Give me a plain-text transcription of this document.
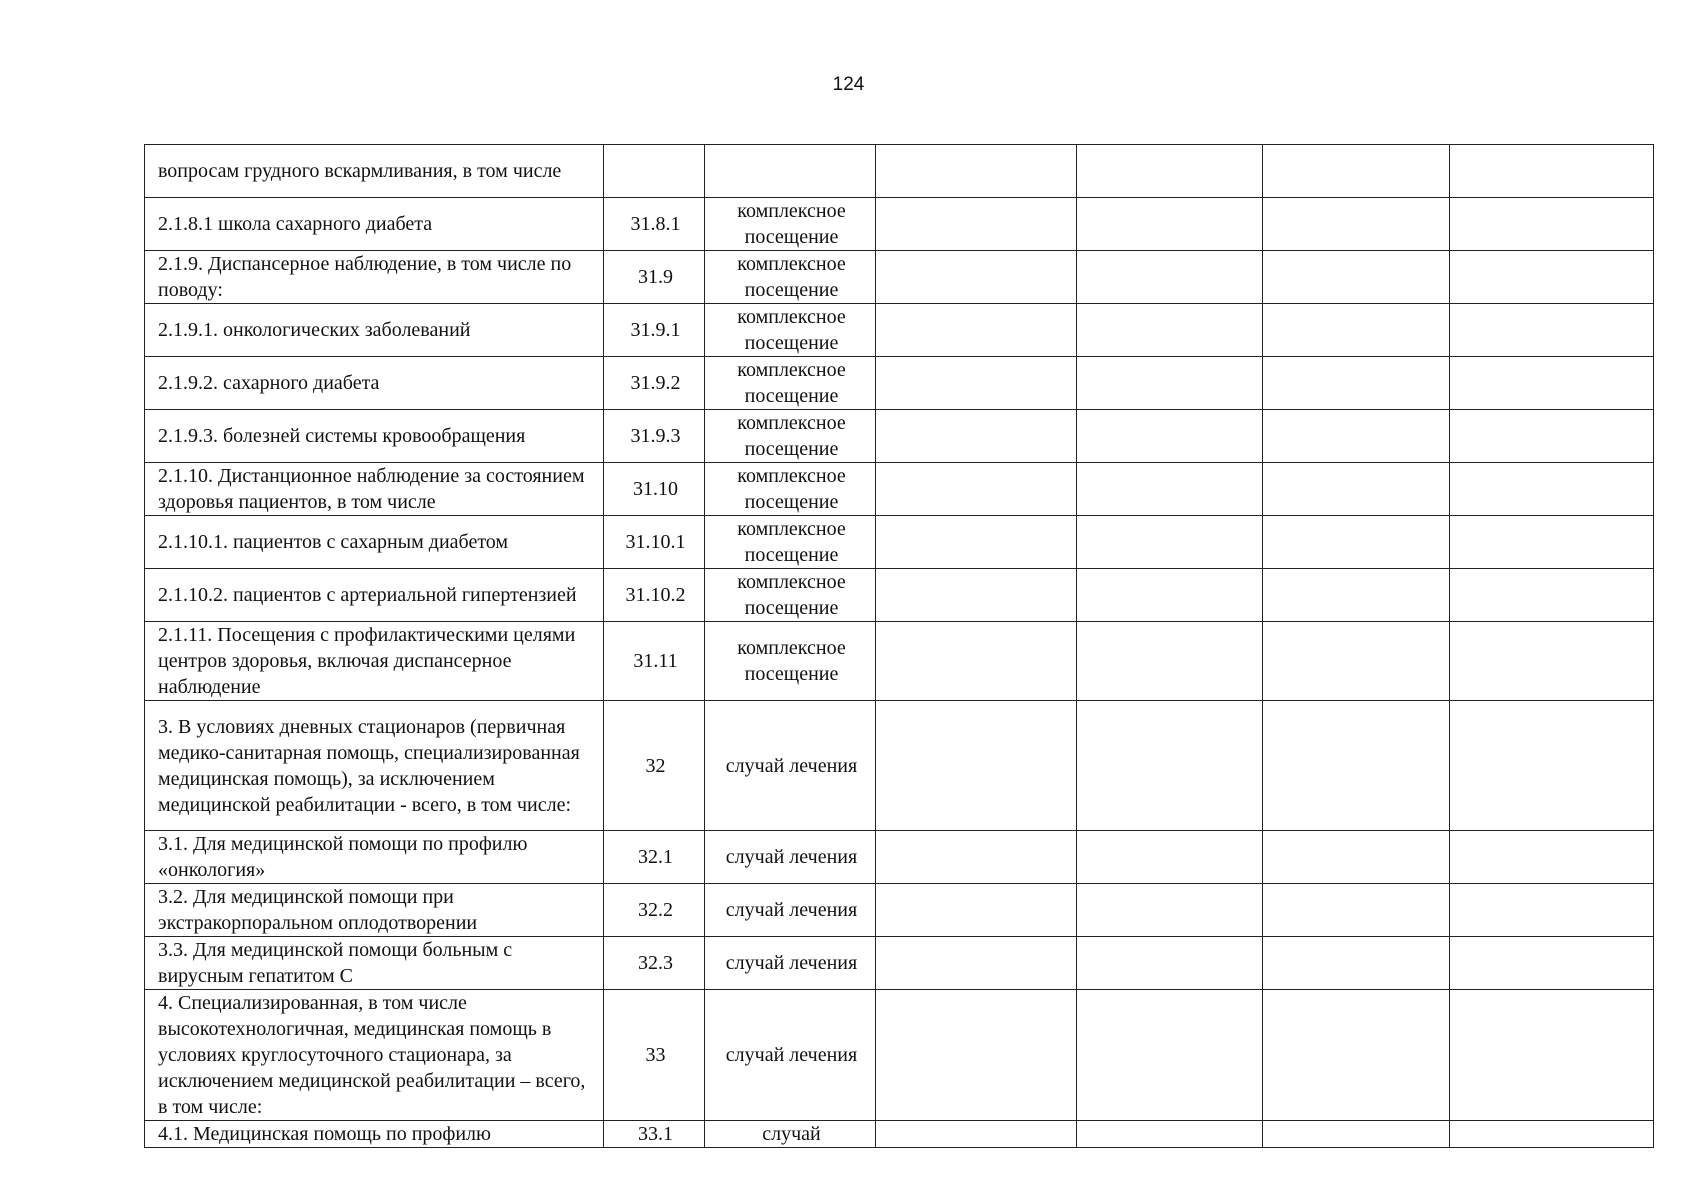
124
вопросам грудного вскармливания, в том числе						
2.1.8.1 школа сахарного диабета	31.8.1	комплексное посещение				
2.1.9. Диспансерное наблюдение, в том числе по поводу:	31.9	комплексное посещение				
2.1.9.1. онкологических заболеваний	31.9.1	комплексное посещение				
2.1.9.2. сахарного диабета	31.9.2	комплексное посещение				
2.1.9.3. болезней системы кровообращения	31.9.3	комплексное посещение				
2.1.10. Дистанционное наблюдение за состоянием здоровья пациентов, в том числе	31.10	комплексное посещение				
2.1.10.1. пациентов с сахарным диабетом	31.10.1	комплексное посещение				
2.1.10.2. пациентов с артериальной гипертензией	31.10.2	комплексное посещение				
2.1.11. Посещения с профилактическими целями центров здоровья, включая диспансерное наблюдение	31.11	комплексное посещение				
3. В условиях дневных стационаров (первичная медико-санитарная помощь, специализированная медицинская помощь), за исключением медицинской реабилитации - всего, в том числе:	32	случай лечения				
3.1. Для медицинской помощи по профилю «онкология»	32.1	случай лечения				
3.2. Для медицинской помощи при экстракорпоральном оплодотворении	32.2	случай лечения				
3.3. Для медицинской помощи больным с вирусным гепатитом С	32.3	случай лечения				
4. Специализированная, в том числе высокотехнологичная, медицинская помощь в условиях круглосуточного стационара, за исключением медицинской реабилитации – всего, в том числе:	33	случай лечения				
4.1. Медицинская помощь по профилю	33.1	случай				
